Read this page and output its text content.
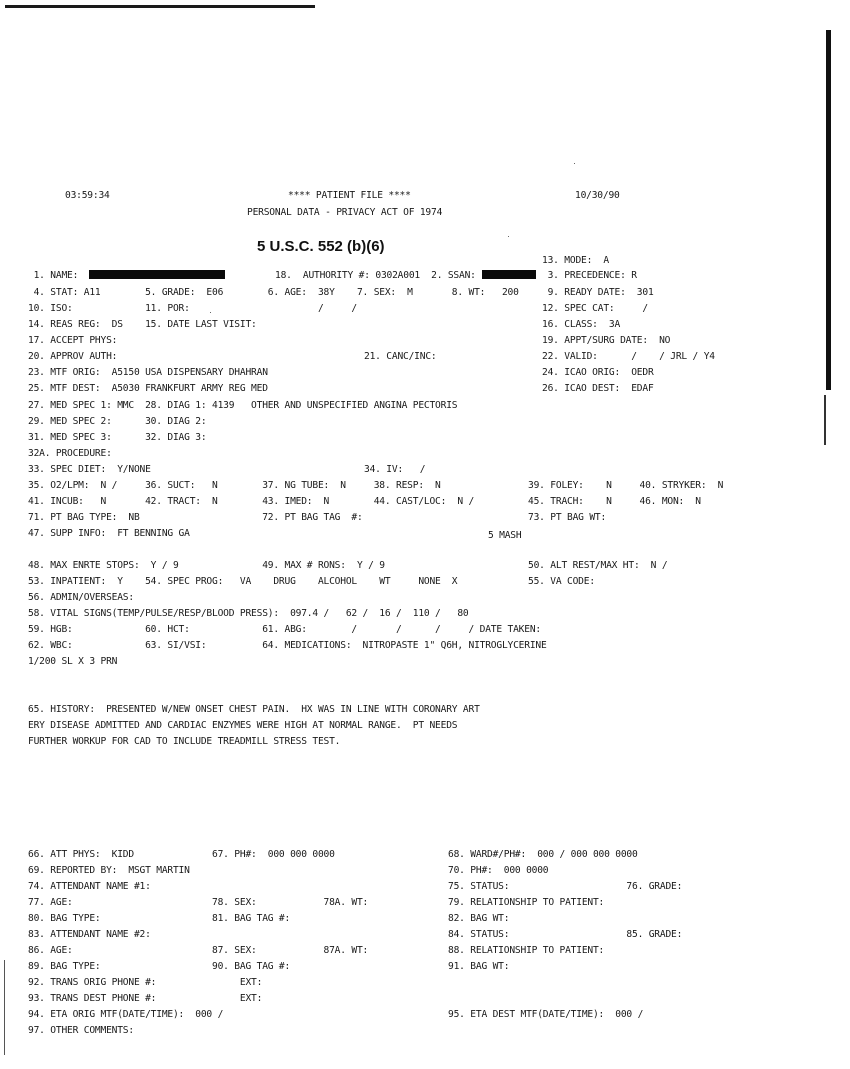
03:59:34	**** PATIENT FILE ****
PERSONAL DATA - PRIVACY ACT OF 1974
10/30/90
5 U.S.C. 552 (b)(6)
13. MODE:  A
1. NAME:	18.  AUTHORITY #: 0302A001  2. SSAN:	3. PRECEDENCE: R
4. STAT: A11        5. GRADE:  E06        6. AGE:  38Y    7. SEX:  M       8. WT:   200 9. READY DATE:  301
10. ISO:             11. POR:                       /     /	12. SPEC CAT:     /
14. REAS REG:  DS    15. DATE LAST VISIT:	16. CLASS:  3A
17. ACCEPT PHYS:	19. APPT/SURG DATE:  NO
20. APPROV AUTH:	21. CANC/INC:	22. VALID:      /    / JRL / Y4
23. MTF ORIG:  A5150 USA DISPENSARY DHAHRAN	24. ICAO ORIG:  OEDR
25. MTF DEST:  A5030 FRANKFURT ARMY REG MED	26. ICAO DEST:  EDAF
27. MED SPEC 1: MMC  28. DIAG 1: 4139   OTHER AND UNSPECIFIED ANGINA PECTORIS
29. MED SPEC 2:      30. DIAG 2:
31. MED SPEC 3:      32. DIAG 3:
32A. PROCEDURE:
33. SPEC DIET:  Y/NONE	34. IV:   /
35. O2/LPM:  N /     36. SUCT:   N        37. NG TUBE:  N     38. RESP:  N	39. FOLEY:    N     40. STRYKER:  N
41. INCUB:   N       42. TRACT:  N        43. IMED:  N        44. CAST/LOC:  N /	45. TRACH:    N     46. MON:  N
71. PT BAG TYPE:  NB                      72. PT BAG TAG  #:	73. PT BAG WT:
47. SUPP INFO:  FT BENNING GA	5 MASH
48. MAX ENRTE STOPS:  Y / 9               49. MAX # RONS:  Y / 9	50. ALT REST/MAX HT:  N /
53. INPATIENT:  Y    54. SPEC PROG:   VA    DRUG    ALCOHOL    WT     NONE  X	55. VA CODE:
56. ADMIN/OVERSEAS:
58. VITAL SIGNS(TEMP/PULSE/RESP/BLOOD PRESS):  097.4 /   62 /  16 /  110 /   80
59. HGB:             60. HCT:             61. ABG:        /       /      /     / DATE TAKEN:
62. WBC:             63. SI/VSI:          64. MEDICATIONS:  NITROPASTE 1" Q6H, NITROGLYCERINE
1/200 SL X 3 PRN
65. HISTORY:  PRESENTED W/NEW ONSET CHEST PAIN.  HX WAS IN LINE WITH CORONARY ART
ERY DISEASE ADMITTED AND CARDIAC ENZYMES WERE HIGH AT NORMAL RANGE.  PT NEEDS
FURTHER WORKUP FOR CAD TO INCLUDE TREADMILL STRESS TEST.
66. ATT PHYS:  KIDD              67. PH#:  000 000 0000	68. WARD#/PH#:  000 / 000 000 0000
69. REPORTED BY:  MSGT MARTIN	70. PH#:  000 0000
74. ATTENDANT NAME #1:	75. STATUS:                     76. GRADE:
77. AGE:                         78. SEX:            78A. WT:	79. RELATIONSHIP TO PATIENT:
80. BAG TYPE:                    81. BAG TAG #:	82. BAG WT:
83. ATTENDANT NAME #2:	84. STATUS:                     85. GRADE:
86. AGE:                         87. SEX:            87A. WT:	88. RELATIONSHIP TO PATIENT:
89. BAG TYPE:                    90. BAG TAG #:	91. BAG WT:
92. TRANS ORIG PHONE #:               EXT:
93. TRANS DEST PHONE #:               EXT:
94. ETA ORIG MTF(DATE/TIME):  000 /	95. ETA DEST MTF(DATE/TIME):  000 /
97. OTHER COMMENTS:
